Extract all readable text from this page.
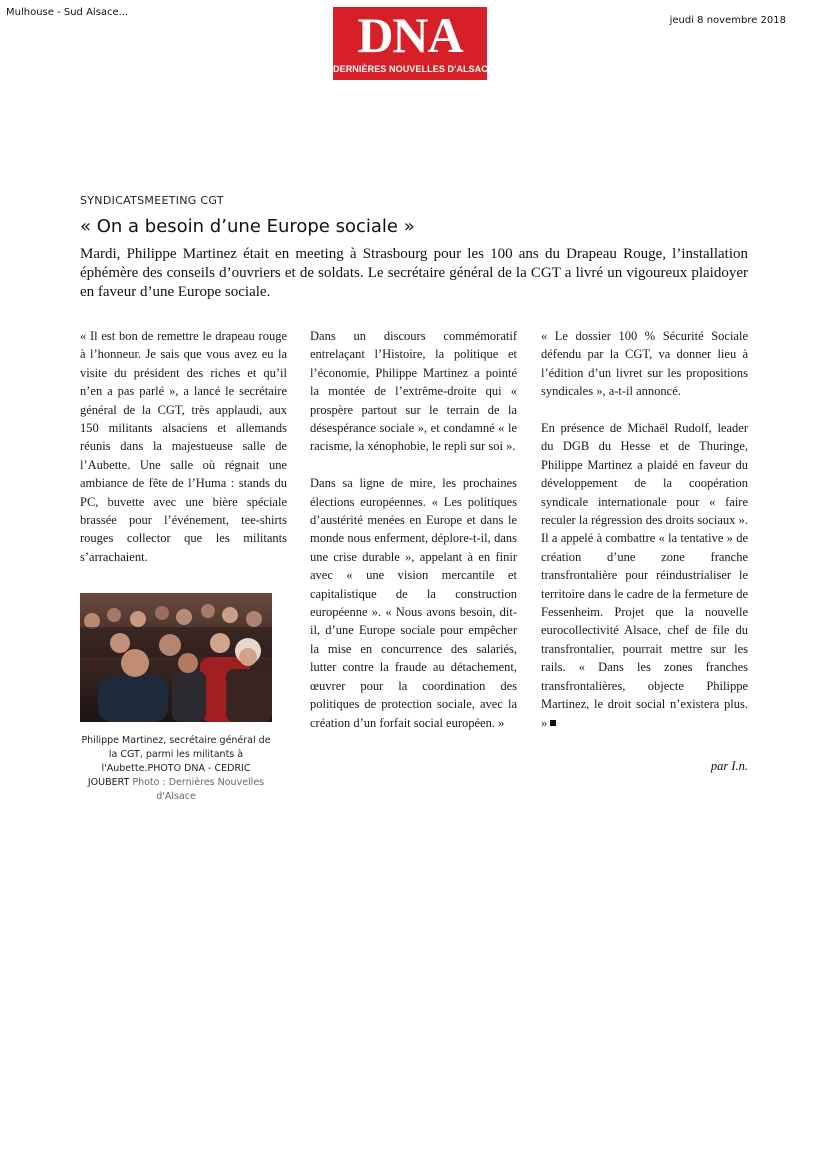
Mulhouse - Sud Alsace...	DNA
DERNIÈRES NOUVELLES D'ALSACE
jeudi 8 novembre 2018
SYNDICATSMEETING CGT
« On a besoin d’une Europe sociale »

Mardi, Philippe Martinez était en meeting à Strasbourg pour les 100 ans du Drapeau Rouge, l’installation éphémère des conseils d’ouvriers et de soldats. Le secrétaire général de la CGT a livré un vigoureux plaidoyer en faveur d’une Europe sociale.

« Il est bon de remettre le drapeau rouge à l’honneur. Je sais que vous avez eu la visite du président des riches et qu’il n’en a pas parlé », a lancé le secrétaire général de la CGT, très applaudi, aux 150 militants alsaciens et allemands réunis dans la majestueuse salle de l’Aubette. Une salle où régnait une ambiance de fête de l’Huma : stands du PC, buvette avec une bière spéciale brassée pour l’événement, tee-shirts rouges collector que les militants s’arrachaient.

Philippe Martinez, secrétaire général de la CGT, parmi les militants à l'Aubette.PHOTO DNA - CEDRIC JOUBERT Photo : Dernières Nouvelles d'Alsace

Dans un discours commémoratif entrelaçant l’Histoire, la politique et l’économie, Philippe Martinez a pointé la montée de l’extrême-droite qui « prospère partout sur le terrain de la désespérance sociale », et condamné « le racisme, la xénophobie, le repli sur soi ».

Dans sa ligne de mire, les prochaines élections européennes. « Les politiques d’austérité menées en Europe et dans le monde nous enferment, déplore-t-il, dans une crise durable », appelant à en finir avec « une vision mercantile et capitalistique de la construction européenne ». « Nous avons besoin, dit-il, d’une Europe sociale pour empêcher la mise en concurrence des salariés, lutter contre la fraude au détachement, œuvrer pour la coordination des politiques de protection sociale, avec la création d’un forfait social européen. »

« Le dossier 100 % Sécurité Sociale défendu par la CGT, va donner lieu à l’édition d’un livret sur les propositions syndicales », a-t-il annoncé.

En présence de Michaël Rudolf, leader du DGB du Hesse et de Thuringe, Philippe Martinez a plaidé en faveur du développement de la coopération syndicale internationale pour « faire reculer la régression des droits sociaux ». Il a appelé à combattre « la tentative » de création d’une zone franche transfrontalière pour réindustrialiser le territoire dans le cadre de la fermeture de Fessenheim. Projet que la nouvelle eurocollectivité Alsace, chef de file du transfrontalier, pourrait mettre sur les rails. « Dans les zones franches transfrontalières, objecte Philippe Martinez, le droit social n’existera plus. »

par I.n.
